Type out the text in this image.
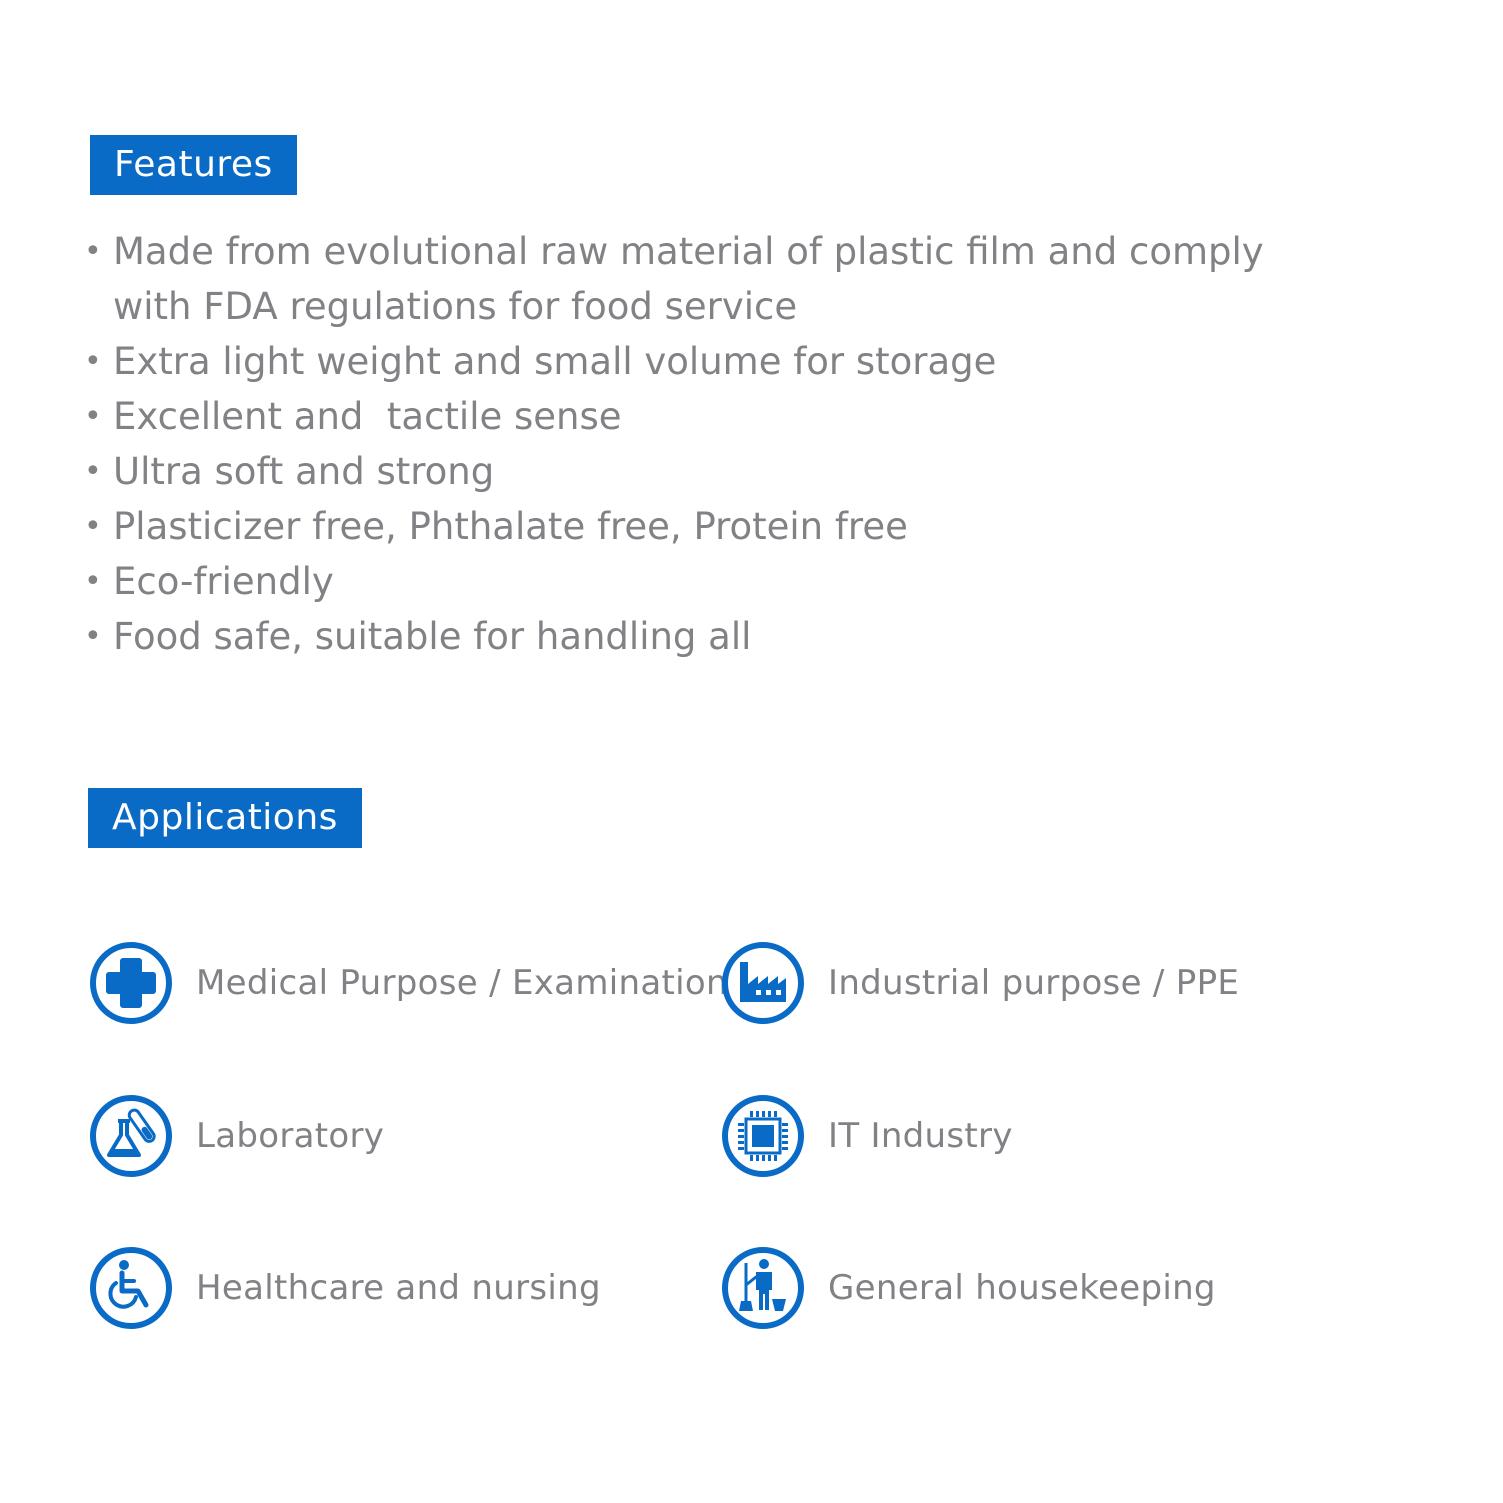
Features
• Made from evolutional raw material of plastic film and comply
with FDA regulations for food service
• Extra light weight and small volume for storage
• Excellent and  tactile sense
• Ultra soft and strong
• Plasticizer free, Phthalate free, Protein free
• Eco-friendly
• Food safe, suitable for handling all
Applications
Medical Purpose / Examination	Industrial purpose / PPE
Laboratory	IT Industry
Healthcare and nursing	General housekeeping
